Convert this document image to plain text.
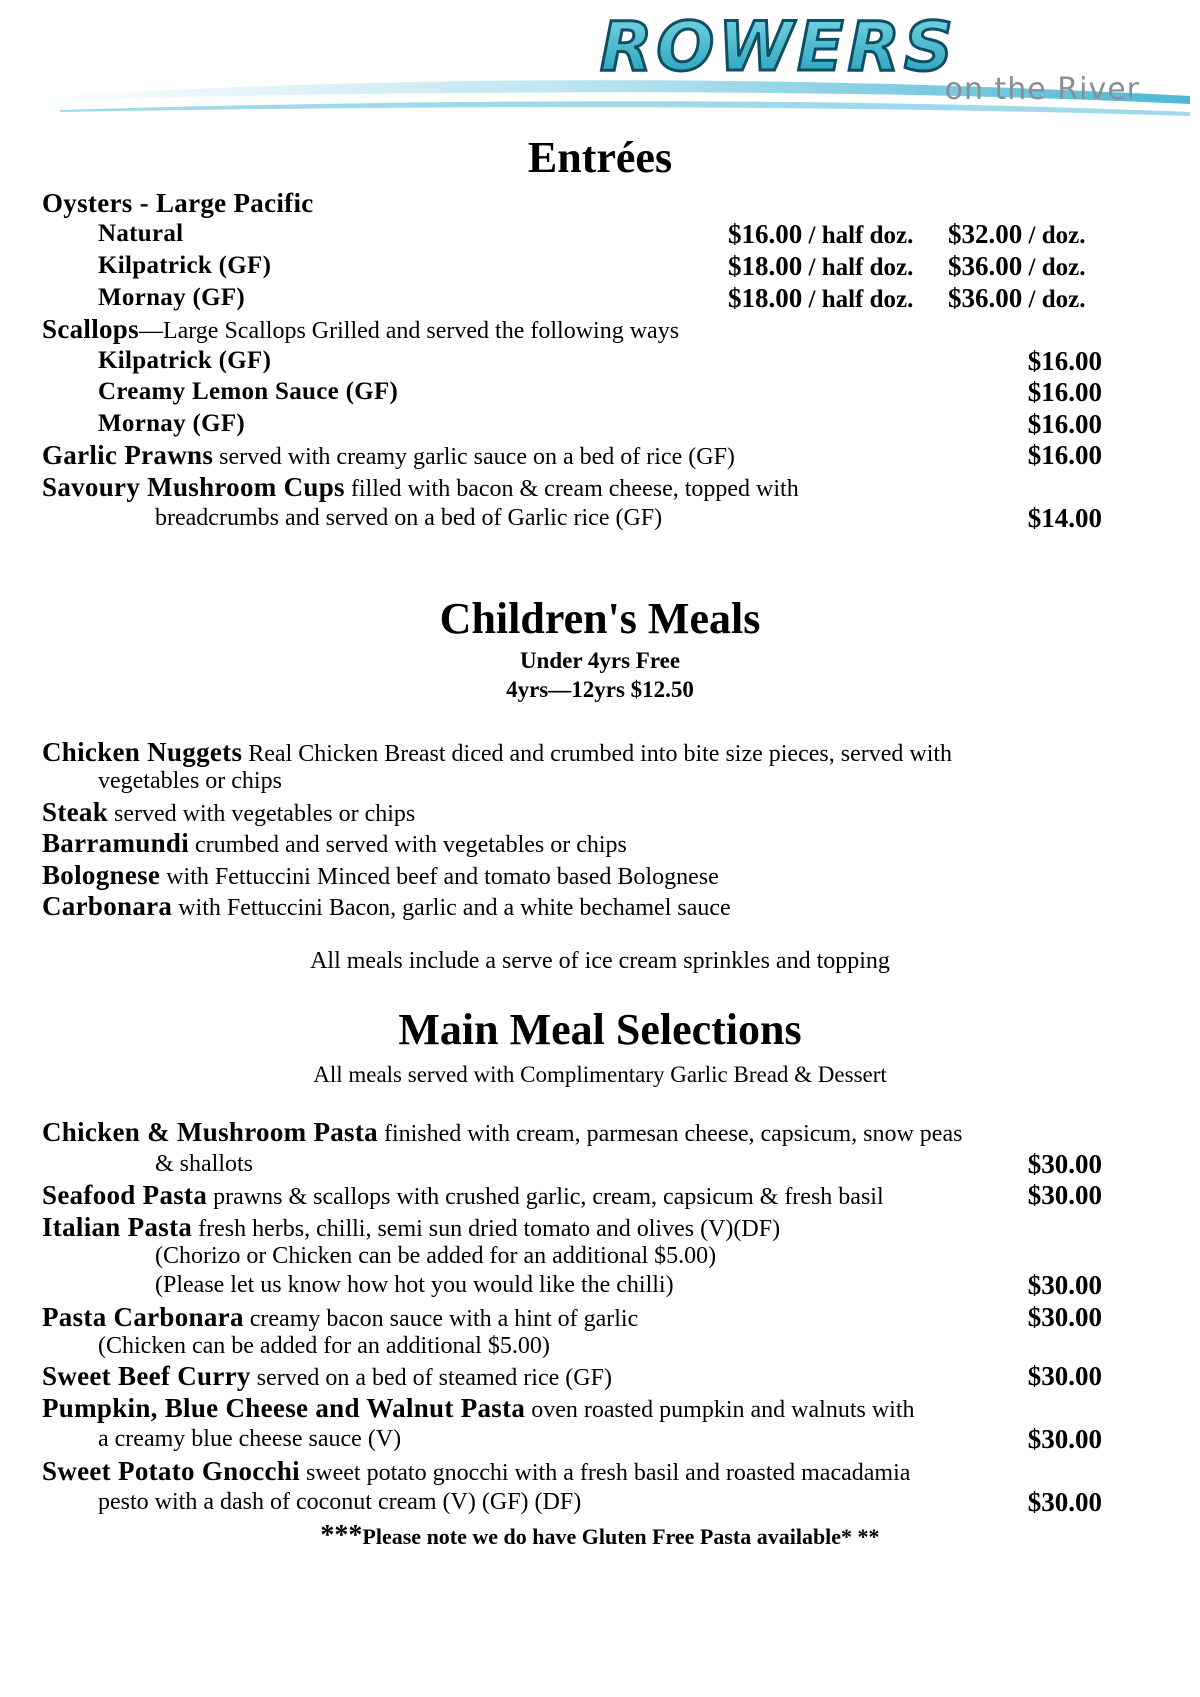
ROWERS
on the River
Entrées
Oysters - Large Pacific
Natural	$16.00 / half doz. $32.00 / doz.
Kilpatrick (GF)	$18.00 / half doz. $36.00 / doz.
Mornay (GF)	$18.00 / half doz. $36.00 / doz.
Scallops—Large Scallops Grilled and served the following ways
Kilpatrick (GF)	$16.00
Creamy Lemon Sauce (GF)	$16.00
Mornay (GF)	$16.00
Garlic Prawns served with creamy garlic sauce on a bed of rice (GF)	$16.00
Savoury Mushroom Cups filled with bacon & cream cheese, topped with
breadcrumbs and served on a bed of Garlic rice (GF)	$14.00
Children's Meals
Under 4yrs Free
4yrs—12yrs $12.50
Chicken Nuggets Real Chicken Breast diced and crumbed into bite size pieces, served with
vegetables or chips
Steak served with vegetables or chips
Barramundi crumbed and served with vegetables or chips
Bolognese with Fettuccini Minced beef and tomato based Bolognese
Carbonara with Fettuccini Bacon, garlic and a white bechamel sauce
All meals include a serve of ice cream sprinkles and topping
Main Meal Selections
All meals served with Complimentary Garlic Bread & Dessert
Chicken & Mushroom Pasta finished with cream, parmesan cheese, capsicum, snow peas
& shallots	$30.00
Seafood Pasta prawns & scallops with crushed garlic, cream, capsicum & fresh basil	$30.00
Italian Pasta fresh herbs, chilli, semi sun dried tomato and olives (V)(DF)
(Chorizo or Chicken can be added for an additional $5.00)
(Please let us know how hot you would like the chilli)	$30.00
Pasta Carbonara creamy bacon sauce with a hint of garlic	$30.00
(Chicken can be added for an additional $5.00)
Sweet Beef Curry served on a bed of steamed rice (GF)	$30.00
Pumpkin, Blue Cheese and Walnut Pasta oven roasted pumpkin and walnuts with
a creamy blue cheese sauce (V)	$30.00
Sweet Potato Gnocchi sweet potato gnocchi with a fresh basil and roasted macadamia
pesto with a dash of coconut cream (V) (GF) (DF)	$30.00
***Please note we do have Gluten Free Pasta available* **
